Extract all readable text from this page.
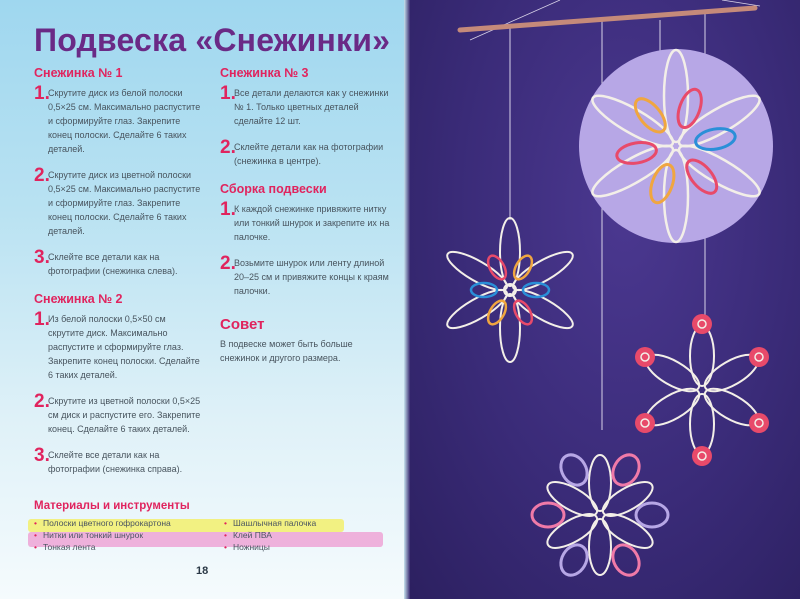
Подвеска «Снежинки»
Снежинка № 1
1 . Скрутите диск из белой полоски 0,5×25 см. Максимально распустите и сформируйте глаз. Закрепите конец полоски. Сделайте 6 таких деталей.
2 . Скрутите диск из цветной полоски 0,5×25 см. Максимально распустите и сформируйте глаз. Закрепите конец полоски. Сделайте 6 таких деталей.
3 . Склейте все детали как на фотографии (снежинка слева).
Снежинка № 2
1 . Из белой полоски 0,5×50 см скрутите диск. Максимально распустите и сформируйте глаз. Закрепите конец полоски. Сделайте 6 таких деталей.
2 . Скрутите из цветной полоски 0,5×25 см диск и распустите его. Закрепите конец. Сделайте 6 таких деталей.
3 . Склейте все детали как на фотографии (снежинка справа).
Снежинка № 3
1 . Все детали делаются как у снежинки № 1. Только цветных деталей сделайте 12 шт.
2 . Склейте детали как на фотографии (снежинка в центре).
Сборка подвески
1 . К каждой снежинке привяжите нитку или тонкий шнурок и закрепите их на палочке.
2 . Возьмите шнурок или ленту длиной 20–25 см и привяжите концы к краям палочки.
Совет

В подвеске может быть больше снежинок и другого размера.

Материалы и инструменты
• Полоски цветного гофрокартона	• Шашлычная палочка
• Нитки или тонкий шнурок	• Клей ПВА
• Тонкая лента	• Ножницы
18
